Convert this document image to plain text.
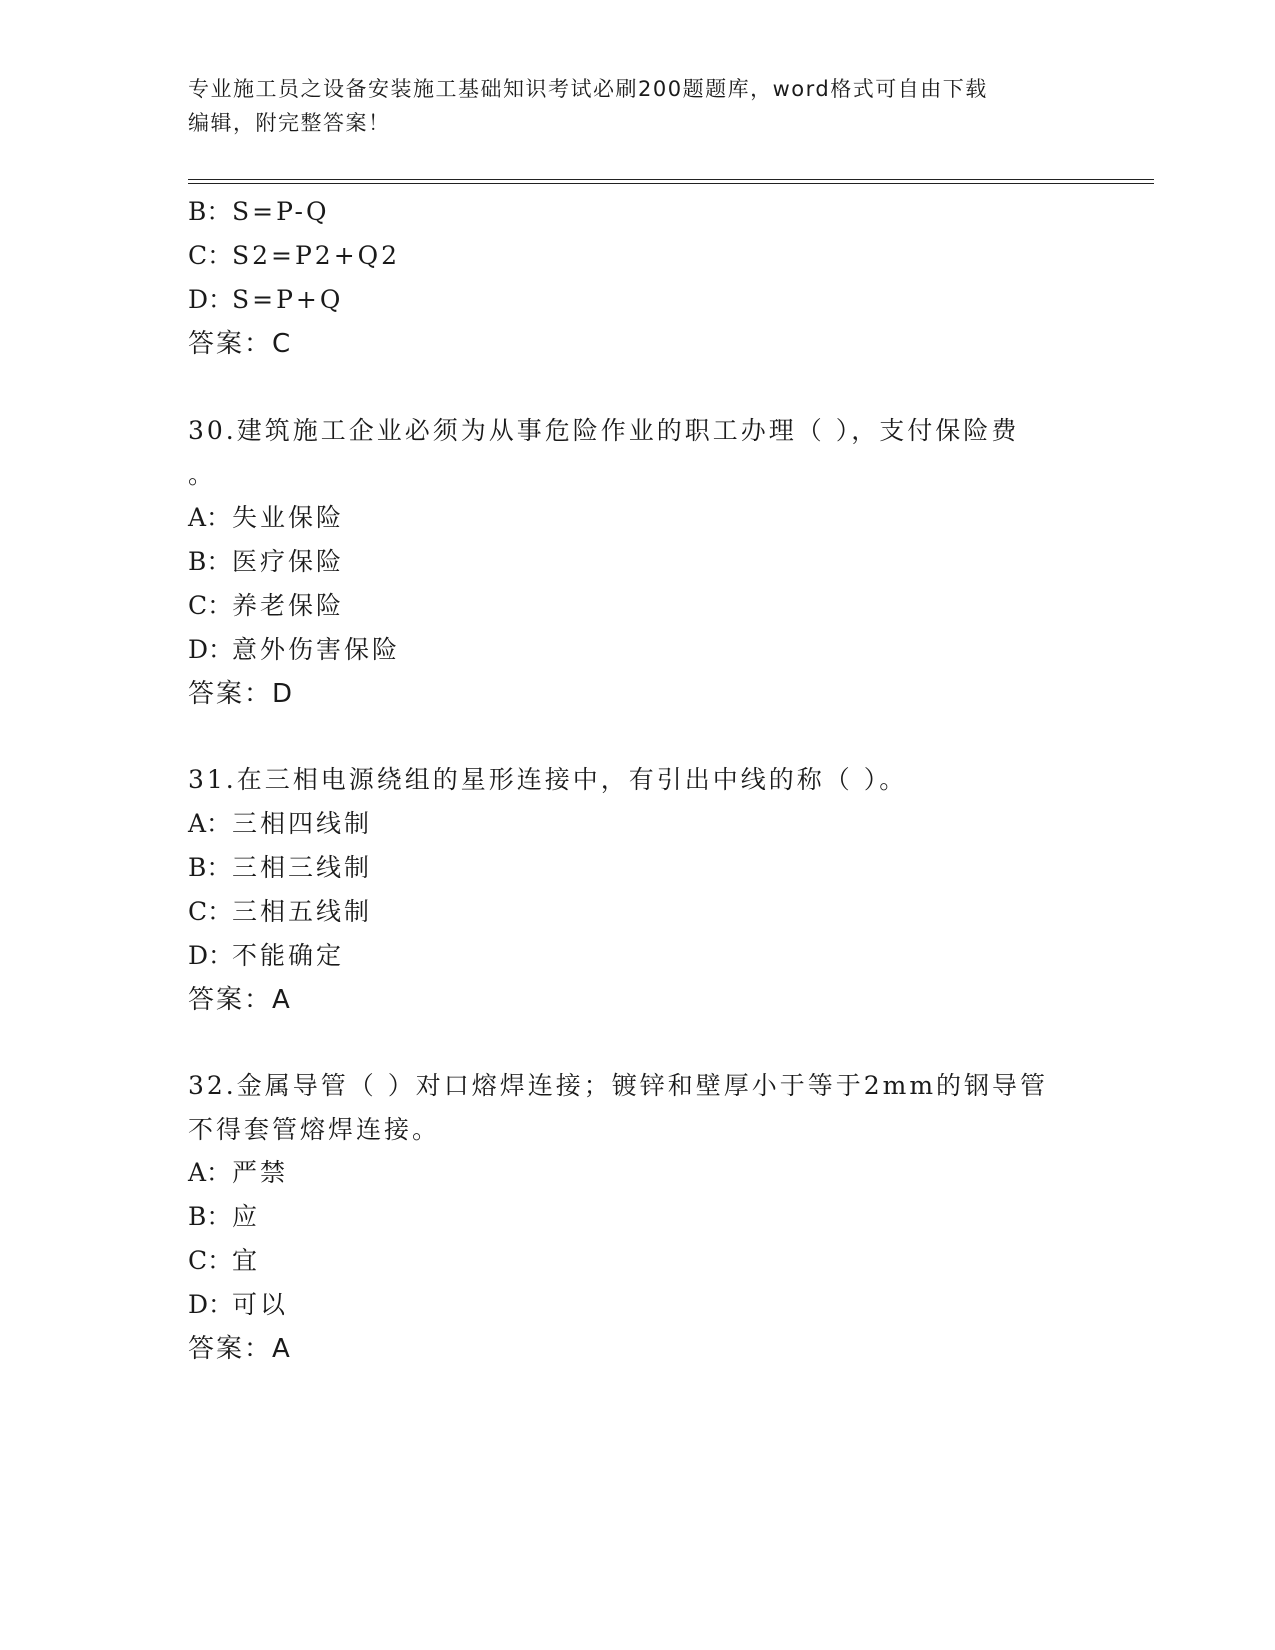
专业施工员之设备安装施工基础知识考试必刷200题题库，word格式可自由下载
编辑，附完整答案！
B：S=P-Q
C：S2=P2+Q2
D：S=P+Q
答案：C
30.建筑施工企业必须为从事危险作业的职工办理（ ），支付保险费
。
A：失业保险
B：医疗保险
C：养老保险
D：意外伤害保险
答案：D
31.在三相电源绕组的星形连接中，有引出中线的称（ ）。
A：三相四线制
B：三相三线制
C：三相五线制
D：不能确定
答案：A
32.金属导管（ ）对口熔焊连接；镀锌和壁厚小于等于2mm的钢导管
不得套管熔焊连接。
A：严禁
B：应
C：宜
D：可以
答案：A
